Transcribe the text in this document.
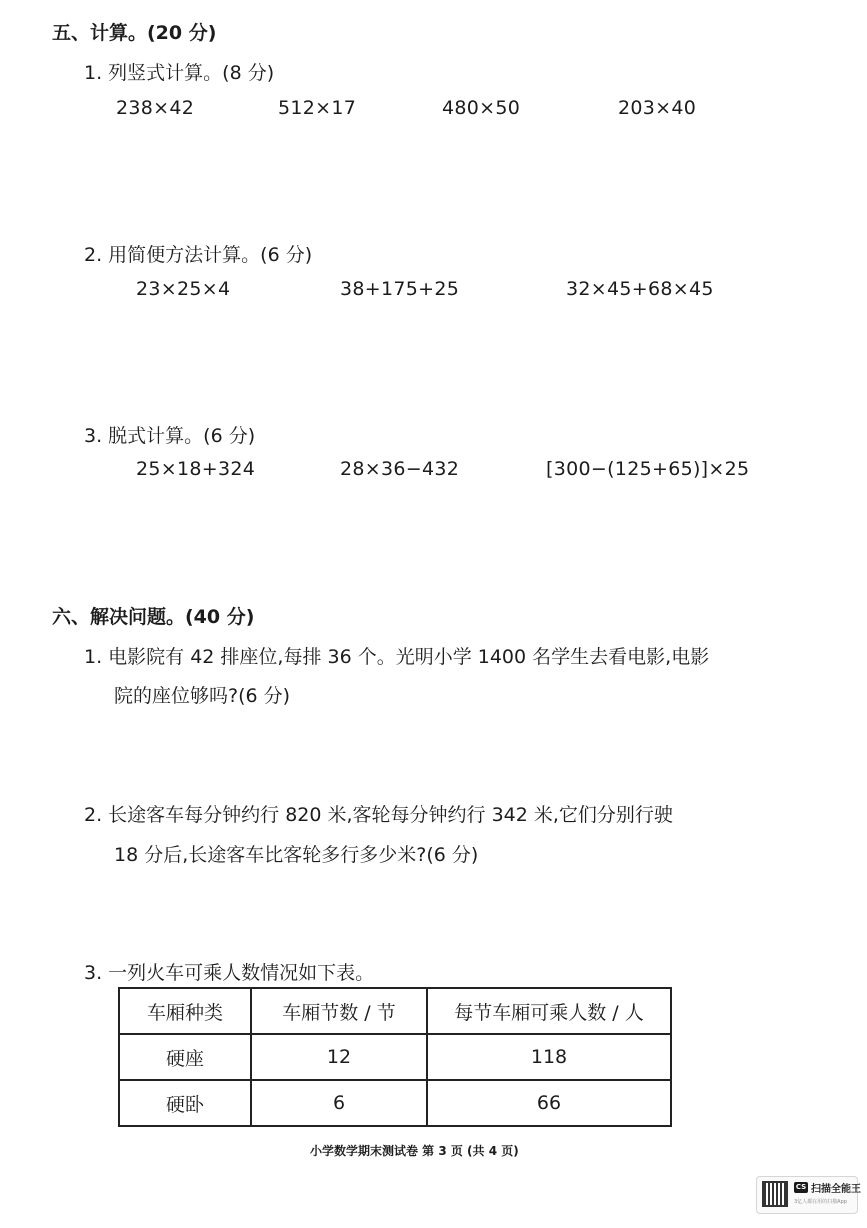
五、计算。(20 分)
1. 列竖式计算。(8 分)
238×42	512×17	480×50	203×40
2. 用简便方法计算。(6 分)
23×25×4	38+175+25	32×45+68×45
3. 脱式计算。(6 分)
25×18+324	28×36−432	[300−(125+65)]×25
六、解决问题。(40 分)
1. 电影院有 42 排座位,每排 36 个。光明小学 1400 名学生去看电影,电影
院的座位够吗?(6 分)
2. 长途客车每分钟约行 820 米,客轮每分钟约行 342 米,它们分别行驶
18 分后,长途客车比客轮多行多少米?(6 分)
3. 一列火车可乘人数情况如下表。
车厢种类	车厢节数 / 节	每节车厢可乘人数 / 人
硬座	12	118
硬卧	6	66
小学数学期末测试卷 第 3 页 (共 4 页)
CS 扫描全能王
3亿人都在用的扫描App
